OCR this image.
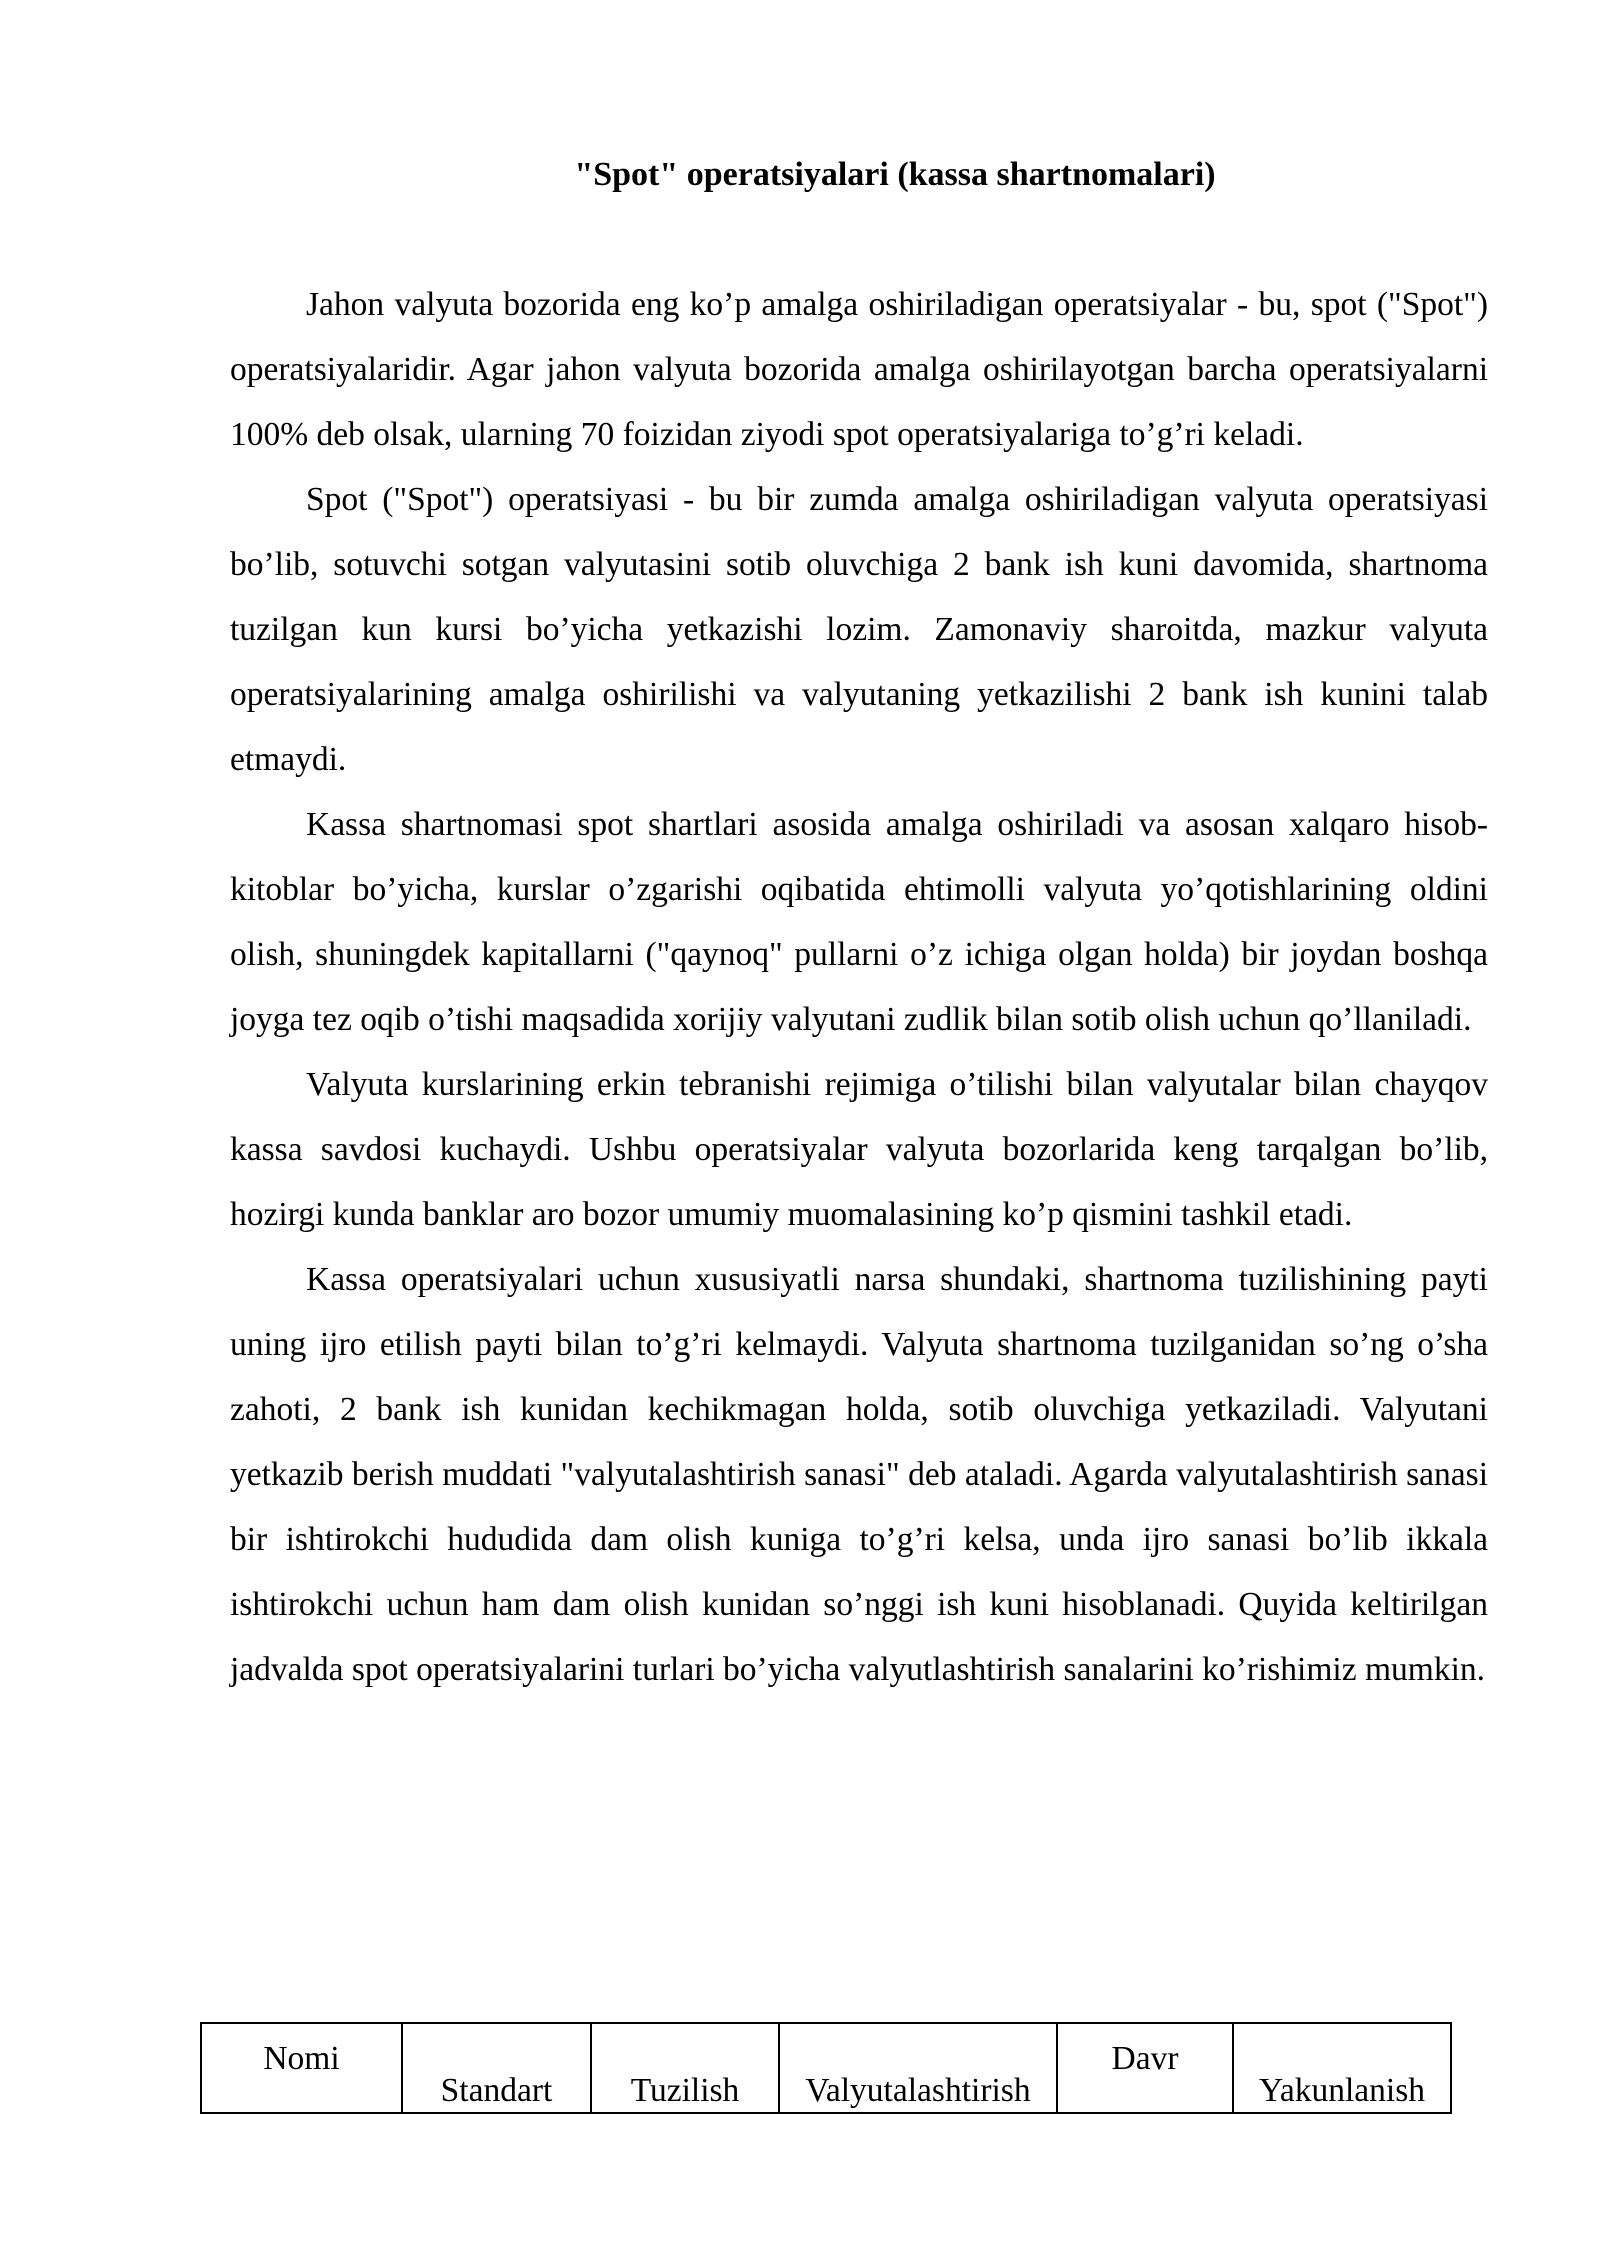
"Spot" operatsiyalari (kassa shartnomalari)

Jahon valyuta bozorida eng ko’p amalga oshiriladigan operatsiyalar - bu, spot ("Spot") operatsiyalaridir. Agar jahon valyuta bozorida amalga oshirilayotgan barcha operatsiyalarni 100% deb olsak, ularning 70 foizidan ziyodi spot operatsiyalariga to’g’ri keladi.

Spot ("Spot") operatsiyasi - bu bir zumda amalga oshiriladigan valyuta operatsiyasi bo’lib, sotuvchi sotgan valyutasini sotib oluvchiga 2 bank ish kuni davomida, shartnoma tuzilgan kun kursi bo’yicha yetkazishi lozim. Zamonaviy sharoitda, mazkur valyuta operatsiyalarining amalga oshirilishi va valyutaning yetkazilishi 2 bank ish kunini talab etmaydi.

Kassa shartnomasi spot shartlari asosida amalga oshiriladi va asosan xalqaro hisob-kitoblar bo’yicha, kurslar o’zgarishi oqibatida ehtimolli valyuta yo’qotishlarining oldini olish, shuningdek kapitallarni ("qaynoq" pullarni o’z ichiga olgan holda) bir joydan boshqa joyga tez oqib o’tishi maqsadida xorijiy valyutani zudlik bilan sotib olish uchun qo’llaniladi.

Valyuta kurslarining erkin tebranishi rejimiga o’tilishi bilan valyutalar bilan chayqov kassa savdosi kuchaydi. Ushbu operatsiyalar valyuta bozorlarida keng tarqalgan bo’lib, hozirgi kunda banklar aro bozor umumiy muomalasining ko’p qismini tashkil etadi.

Kassa operatsiyalari uchun xususiyatli narsa shundaki, shartnoma tuzilishining payti uning ijro etilish payti bilan to’g’ri kelmaydi. Valyuta shartnoma tuzilganidan so’ng o’sha zahoti, 2 bank ish kunidan kechikmagan holda, sotib oluvchiga yetkaziladi. Valyutani yetkazib berish muddati "valyutalashtirish sanasi" deb ataladi. Agarda valyutalashtirish sanasi bir ishtirokchi hududida dam olish kuniga to’g’ri kelsa, unda ijro sanasi bo’lib ikkala ishtirokchi uchun ham dam olish kunidan so’nggi ish kuni hisoblanadi. Quyida keltirilgan jadvalda spot operatsiyalarini turlari bo’yicha valyutlashtirish sanalarini ko’rishimiz mumkin.

Nomi	Standart	Tuzilish	Valyutalashtirish	Davr	Yakunlanish
